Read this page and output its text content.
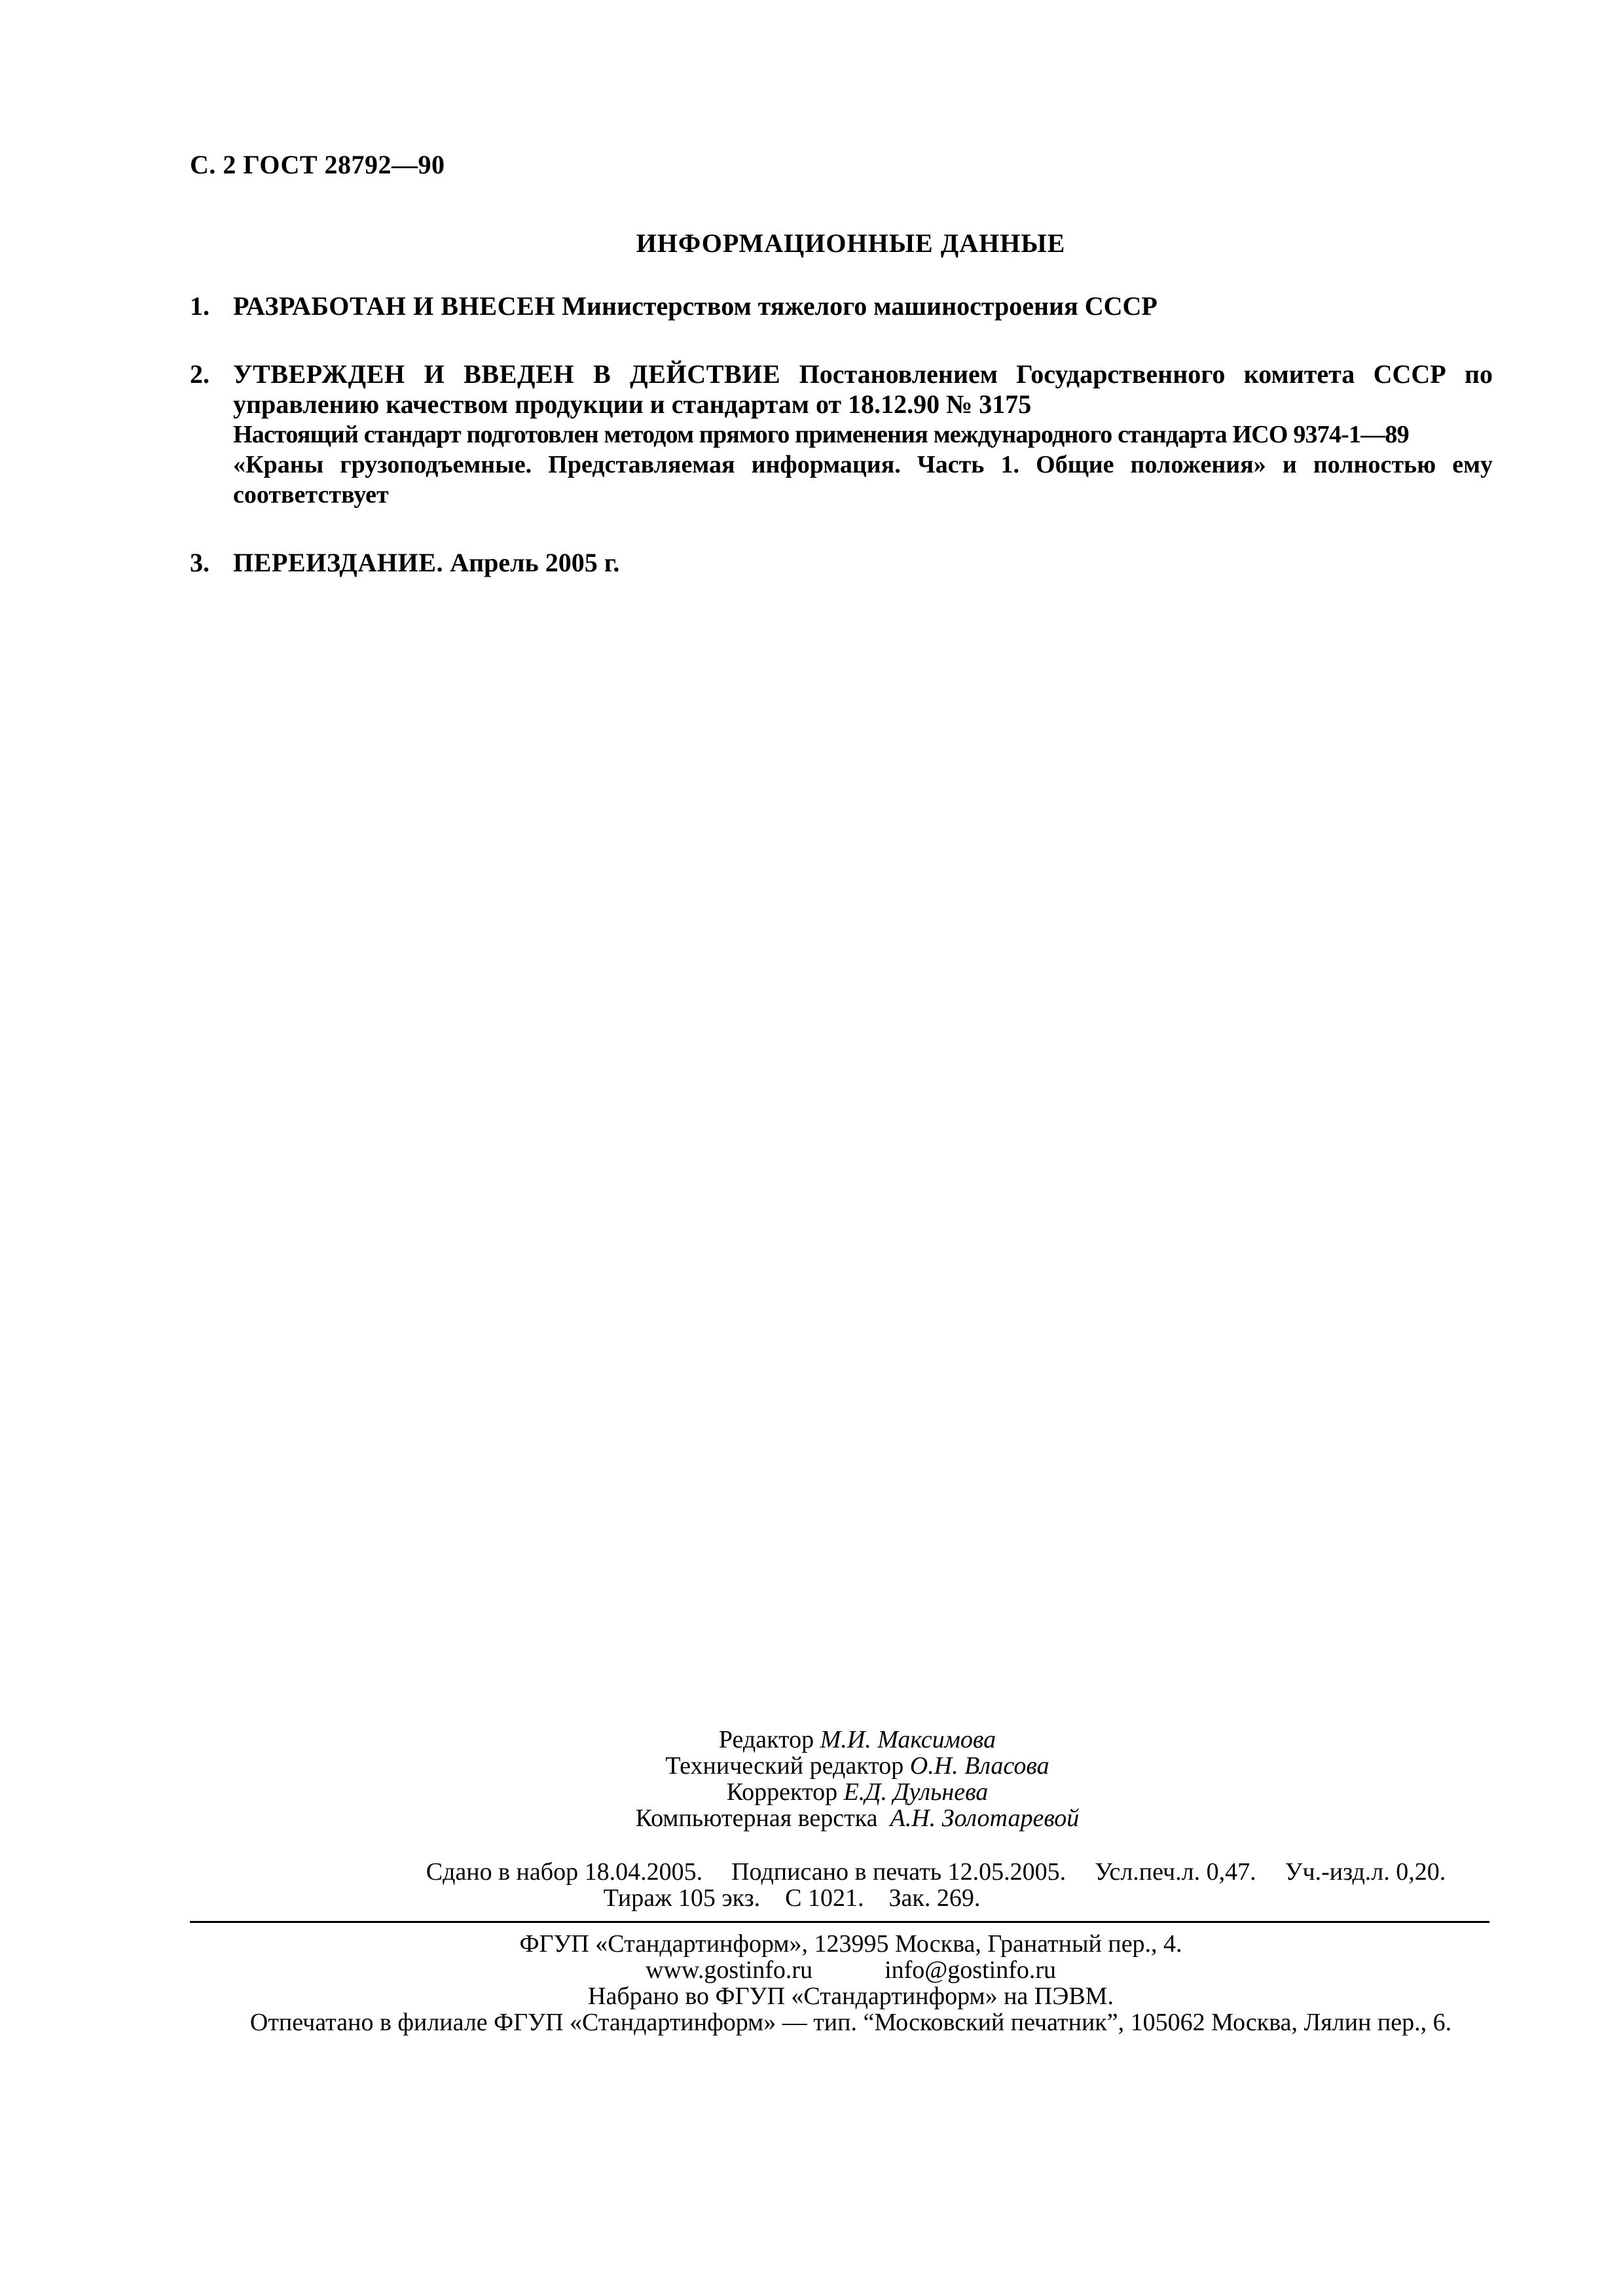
С. 2 ГОСТ 28792—90
ИНФОРМАЦИОННЫЕ ДАННЫЕ
1. РАЗРАБОТАН И ВНЕСЕН Министерством тяжелого машиностроения СССР

2. УТВЕРЖДЕН И ВВЕДЕН В ДЕЙСТВИЕ Постановлением Государственного комитета СССР по

управлению качеством продукции и стандартам от 18.12.90 № 3175

Настоящий стандарт подготовлен методом прямого применения международного стандарта ИСО 9374-1—89

«Краны грузоподъемные. Представляемая информация. Часть 1. Общие положения» и полностью ему соответствует

3. ПЕРЕИЗДАНИЕ. Апрель 2005 г.

Редактор М.И. Максимова
Технический редактор О.Н. Власова
Корректор Е.Д. Дульнева
Компьютерная верстка А.Н. Золотаревой
Сдано в набор 18.04.2005. Подписано в печать 12.05.2005. Усл.печ.л. 0,47. Уч.-изд.л. 0,20.
Тираж 105 экз. С 1021. Зак. 269.
ФГУП «Стандартинформ», 123995 Москва, Гранатный пер., 4.
www.gostinfo.ru	info@gostinfo.ru
Набрано во ФГУП «Стандартинформ» на ПЭВМ.
Отпечатано в филиале ФГУП «Стандартинформ» — тип. “Московский печатник”, 105062 Москва, Лялин пер., 6.
